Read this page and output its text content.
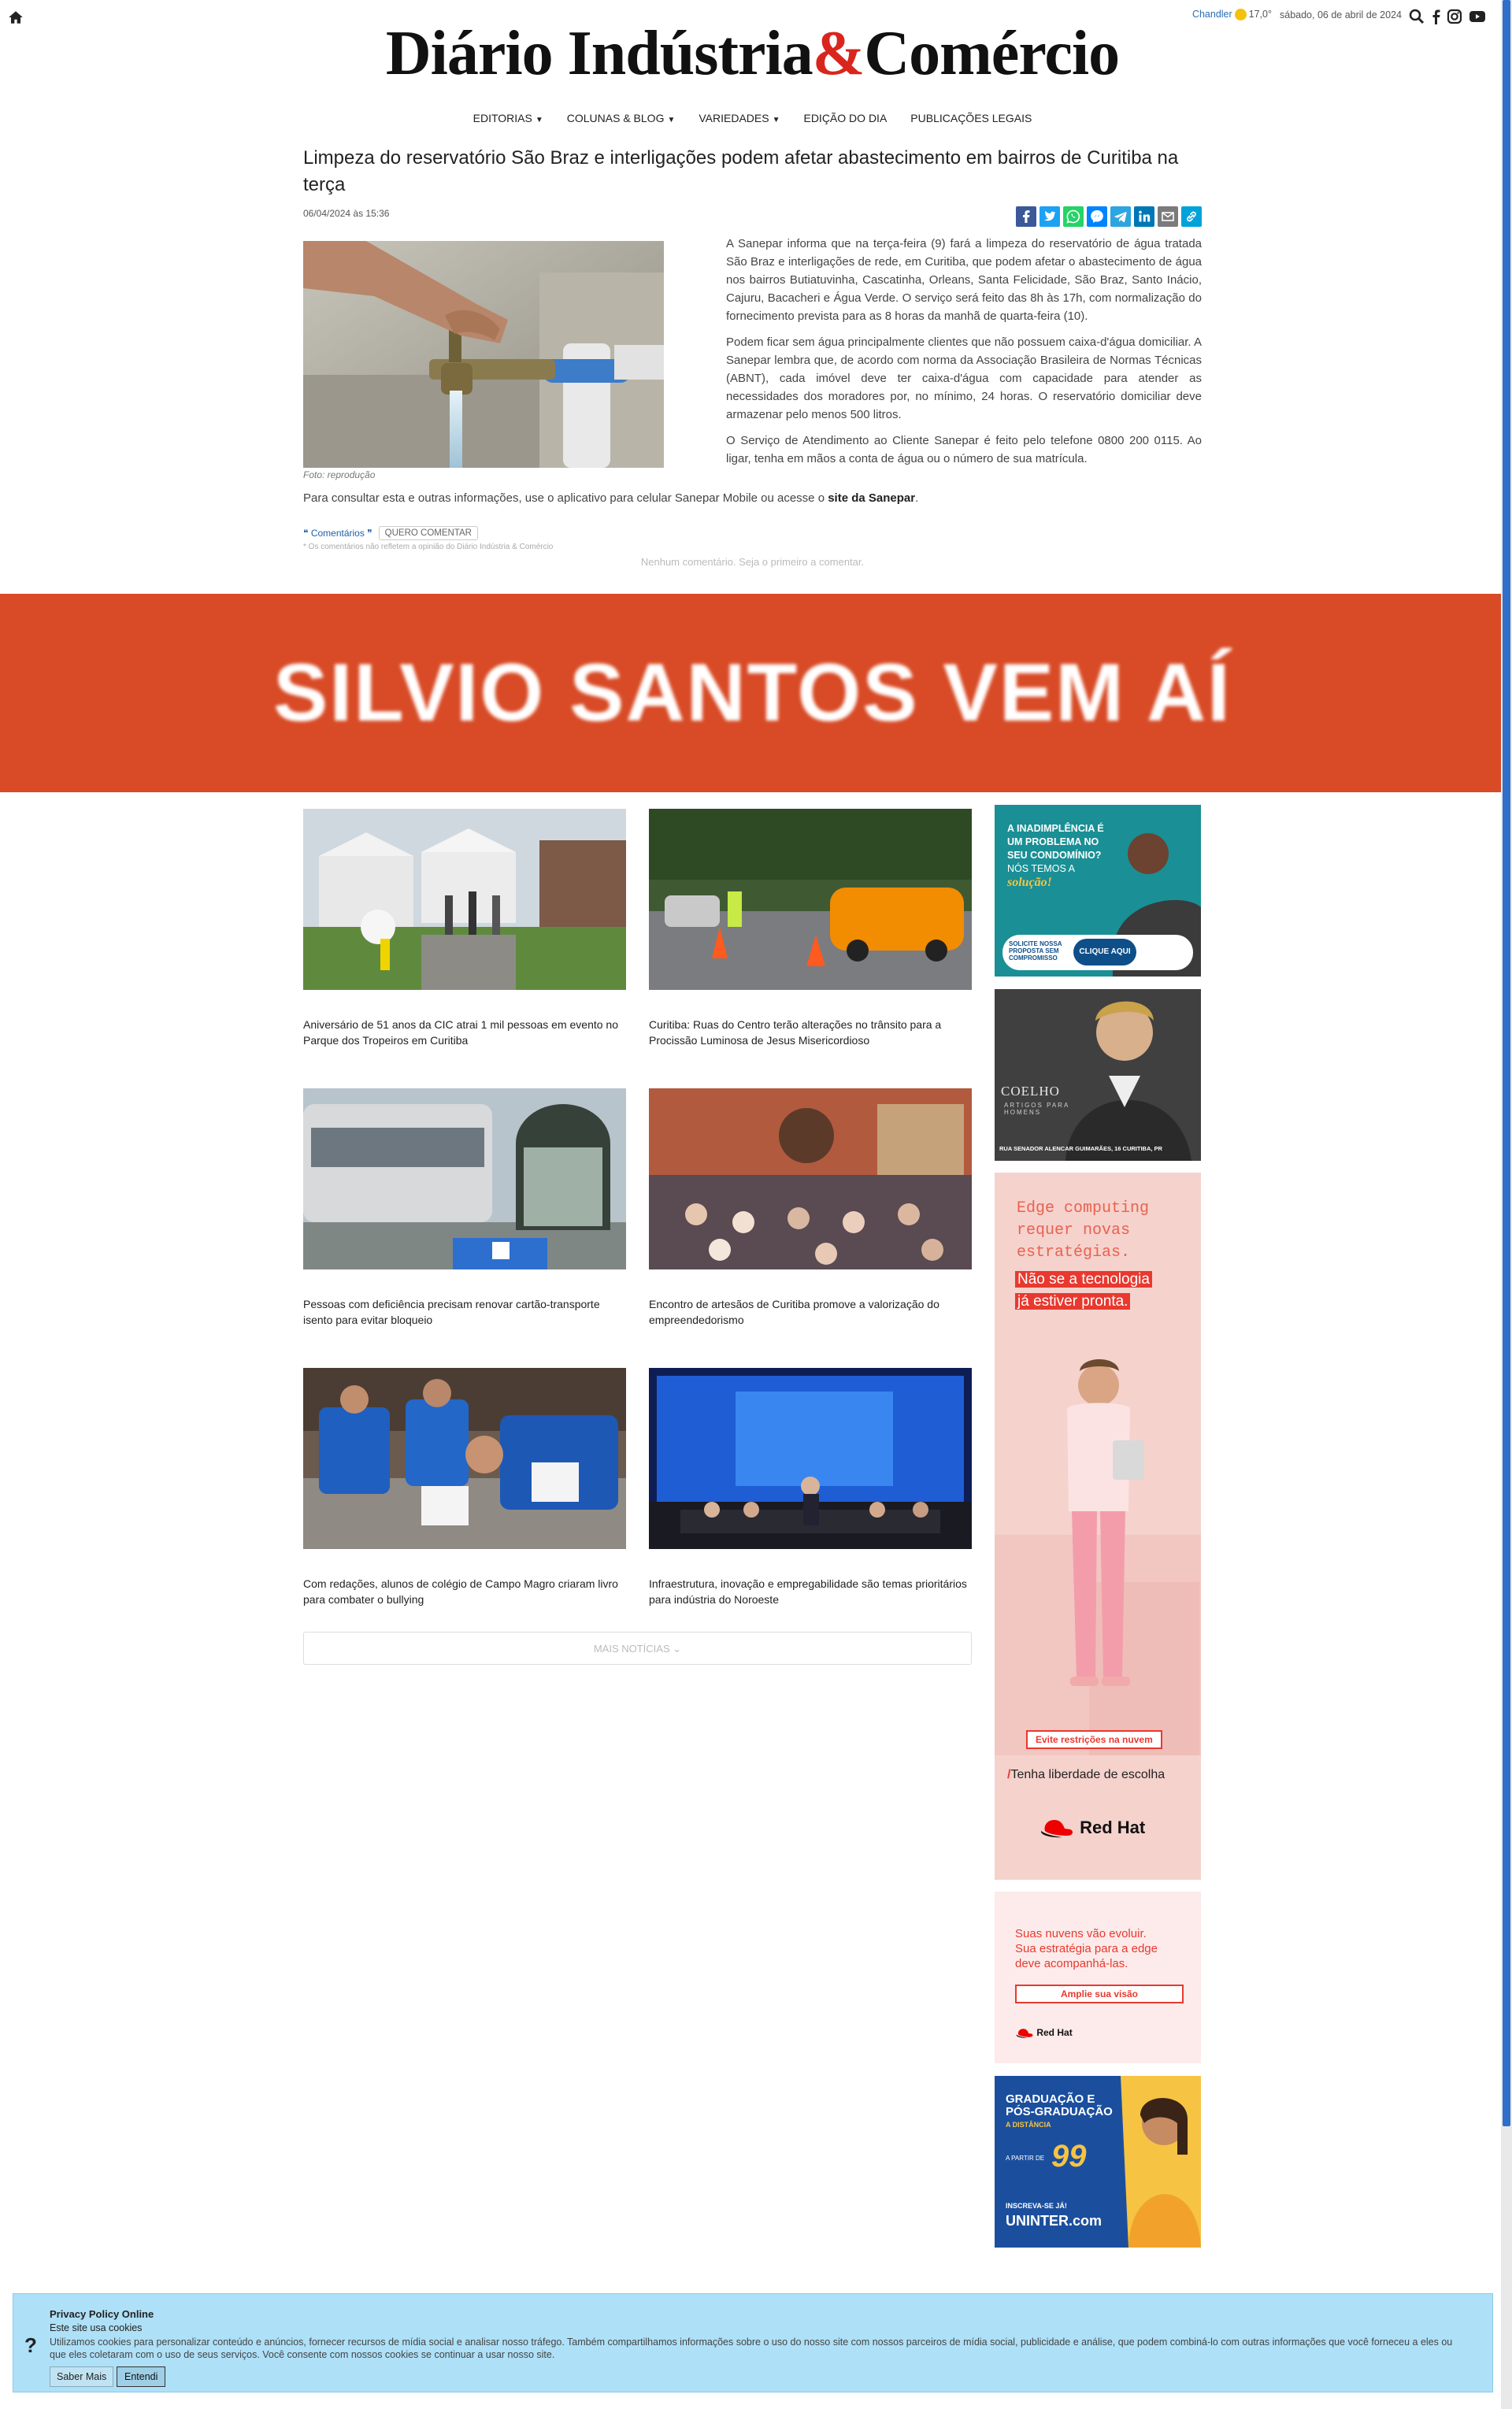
Diário Indústria&Comércio
Chandler 17,0° sábado, 06 de abril de 2024
EDITORIAS ▼ COLUNAS & BLOG ▼ VARIEDADES ▼ EDIÇÃO DO DIA PUBLICAÇÕES LEGAIS
Limpeza do reservatório São Braz e interligações podem afetar abastecimento em bairros de Curitiba na terça
06/04/2024 às 15:36
Foto: reprodução

A Sanepar informa que na terça-feira (9) fará a limpeza do reservatório de água tratada São Braz e interligações de rede, em Curitiba, que podem afetar o abastecimento de água nos bairros Butiatuvinha, Cascatinha, Orleans, Santa Felicidade, São Braz, Santo Inácio, Cajuru, Bacacheri e Água Verde. O serviço será feito das 8h às 17h, com normalização do fornecimento prevista para as 8 horas da manhã de quarta-feira (10).

Podem ficar sem água principalmente clientes que não possuem caixa-d'água domiciliar. A Sanepar lembra que, de acordo com norma da Associação Brasileira de Normas Técnicas (ABNT), cada imóvel deve ter caixa-d'água com capacidade para atender as necessidades dos moradores por, no mínimo, 24 horas. O reservatório domiciliar deve armazenar pelo menos 500 litros.

O Serviço de Atendimento ao Cliente Sanepar é feito pelo telefone 0800 200 0115. Ao ligar, tenha em mãos a conta de água ou o número de sua matrícula.

Para consultar esta e outras informações, use o aplicativo para celular Sanepar Mobile ou acesse o site da Sanepar.
❝ Comentários ❞	QUERO COMENTAR
* Os comentários não refletem a opinião do Diário Indústria & Comércio
Nenhum comentário. Seja o primeiro a comentar.
SILVIO SANTOS VEM AÍ
Aniversário de 51 anos da CIC atrai 1 mil pessoas em evento no Parque dos Tropeiros em Curitiba
Curitiba: Ruas do Centro terão alterações no trânsito para a Procissão Luminosa de Jesus Misericordioso
Pessoas com deficiência precisam renovar cartão-transporte isento para evitar bloqueio
Encontro de artesãos de Curitiba promove a valorização do empreendedorismo
Com redações, alunos de colégio de Campo Magro criaram livro para combater o bullying
Infraestrutura, inovação e empregabilidade são temas prioritários para indústria do Noroeste
MAIS NOTÍCIAS ⌄
A INADIMPLÊNCIA É
UM PROBLEMA NO
SEU CONDOMÍNIO?
NÓS TEMOS A
solução!
SOLICITE NOSSA PROPOSTA SEM COMPROMISSO
CLIQUE AQUI
COELHO
ARTIGOS PARA HOMENS
RUA SENADOR ALENCAR GUIMARÃES, 16 CURITIBA, PR
Edge computing
requer novas
estratégias.
Não se a tecnologia
já estiver pronta.
Evite restrições na nuvem
/Tenha liberdade de escolha
Red Hat
Suas nuvens vão evoluir.
Sua estratégia para a edge
deve acompanhá-las.
Amplie sua visão
Red Hat
GRADUAÇÃO E
PÓS-GRADUAÇÃO
A DISTÂNCIA
A PARTIR DE 99
INSCREVA-SE JÁ!
UNINTER.com
?
Privacy Policy Online
Este site usa cookies
Utilizamos cookies para personalizar conteúdo e anúncios, fornecer recursos de mídia social e analisar nosso tráfego. Também compartilhamos informações sobre o uso do nosso site com nossos parceiros de mídia social, publicidade e análise, que podem combiná-lo com outras informações que você forneceu a eles ou que eles coletaram com o uso de seus serviços. Você consente com nossos cookies se continuar a usar nosso site.
Saber Mais	Entendi
